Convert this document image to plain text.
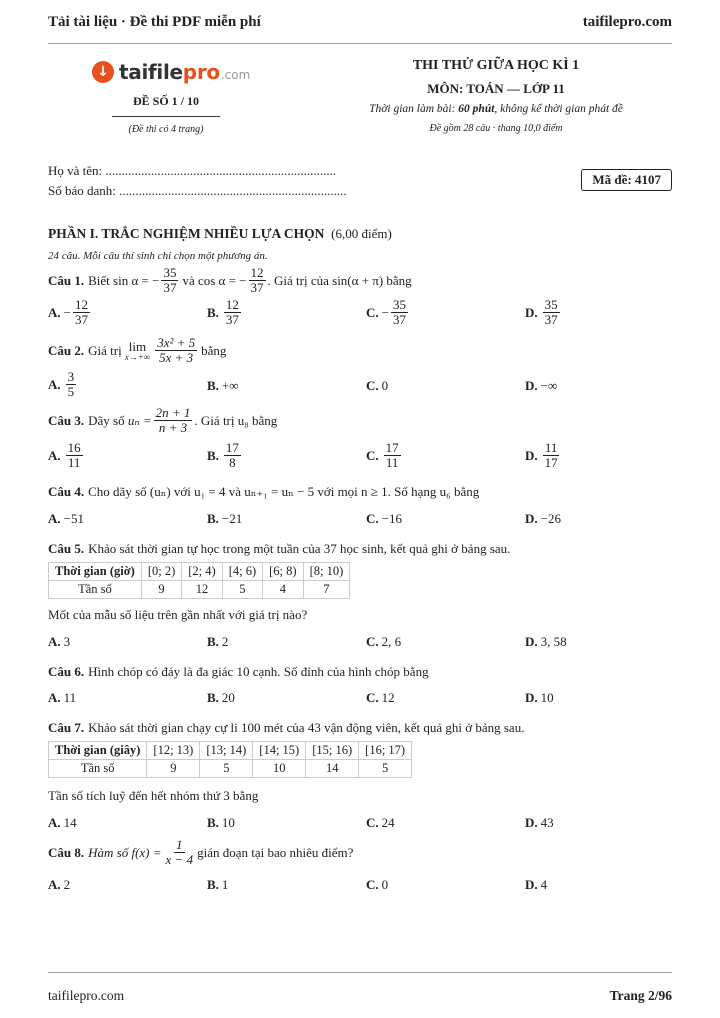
Tải tài liệu · Đề thi PDF miễn phí	taifilepro.com
↓ taifilepro .com
ĐỀ SỐ 1 / 10
(Đề thi có 4 trang)
THI THỬ GIỮA HỌC KÌ 1
MÔN: TOÁN — LỚP 11
Thời gian làm bài: 60 phút, không kể thời gian phát đề
Đề gồm 28 câu · thang 10,0 điểm
Họ và tên: .......................................................................
Số báo danh: ......................................................................
Mã đề: 4107
PHẦN I. TRẮC NGHIỆM NHIỀU LỰA CHỌN (6,00 điểm)
24 câu. Mỗi câu thí sinh chỉ chọn một phương án.
Câu 1. Biết sin α = − $\frac{35}{37}$ và cos α = − $\frac{12}{37}$ . Giá trị của sin(α + π) bằng
A. − $\frac{12}{37}$	B. $\frac{12}{37}$	C. − $\frac{35}{37}$	D. $\frac{35}{37}$
Câu 2. Giá trị lim
$x\to+\infty \frac{\text{3x² + 5}}{5x + 3}$ bằng
A. $\frac{3}{5}$	B. +∞	C. 0	D. −∞
Câu 3. Dãy số
$u_n = \frac{2n + 1}{n + 3}$ . Giá trị u₈ bằng
A. $\frac{16}{11}$	B. $\frac{17}{8}$	C. $\frac{17}{11}$	D. $\frac{11}{17}$
Câu 4. Cho dãy số (uₙ) với u₁ = 4 và uₙ₊₁ = uₙ − 5 với mọi n ≥ 1. Số hạng u₆ bằng
A. −51	B. −21	C. −16	D. −26
Câu 5. Khảo sát thời gian tự học trong một tuần của 37 học sinh, kết quả ghi ở bảng sau.
Thời gian (giờ)	[0; 2)	[2; 4)	[4; 6)	[6; 8)	[8; 10)
Tần số	9	12	5	4	7
Mốt của mẫu số liệu trên gần nhất với giá trị nào?
A. 3	B. 2	C. 2, 6	D. 3, 58
Câu 6. Hình chóp có đáy là đa giác 10 cạnh. Số đỉnh của hình chóp bằng
A. 11	B. 20	C. 12	D. 10
Câu 7. Khảo sát thời gian chạy cự li 100 mét của 43 vận động viên, kết quả ghi ở bảng sau.
Thời gian (giây)	[12; 13)	[13; 14)	[14; 15)	[15; 16)	[16; 17)
Tần số	9	5	10	14	5
Tần số tích luỹ đến hết nhóm thứ 3 bằng
A. 14	B. 10	C. 24	D. 43
Câu 8. Hàm số $f(x) = \frac{1}{x - 4}$ gián đoạn tại bao nhiêu điểm?
A. 2	B. 1	C. 0	D. 4
taifilepro.com	Trang 2/96
